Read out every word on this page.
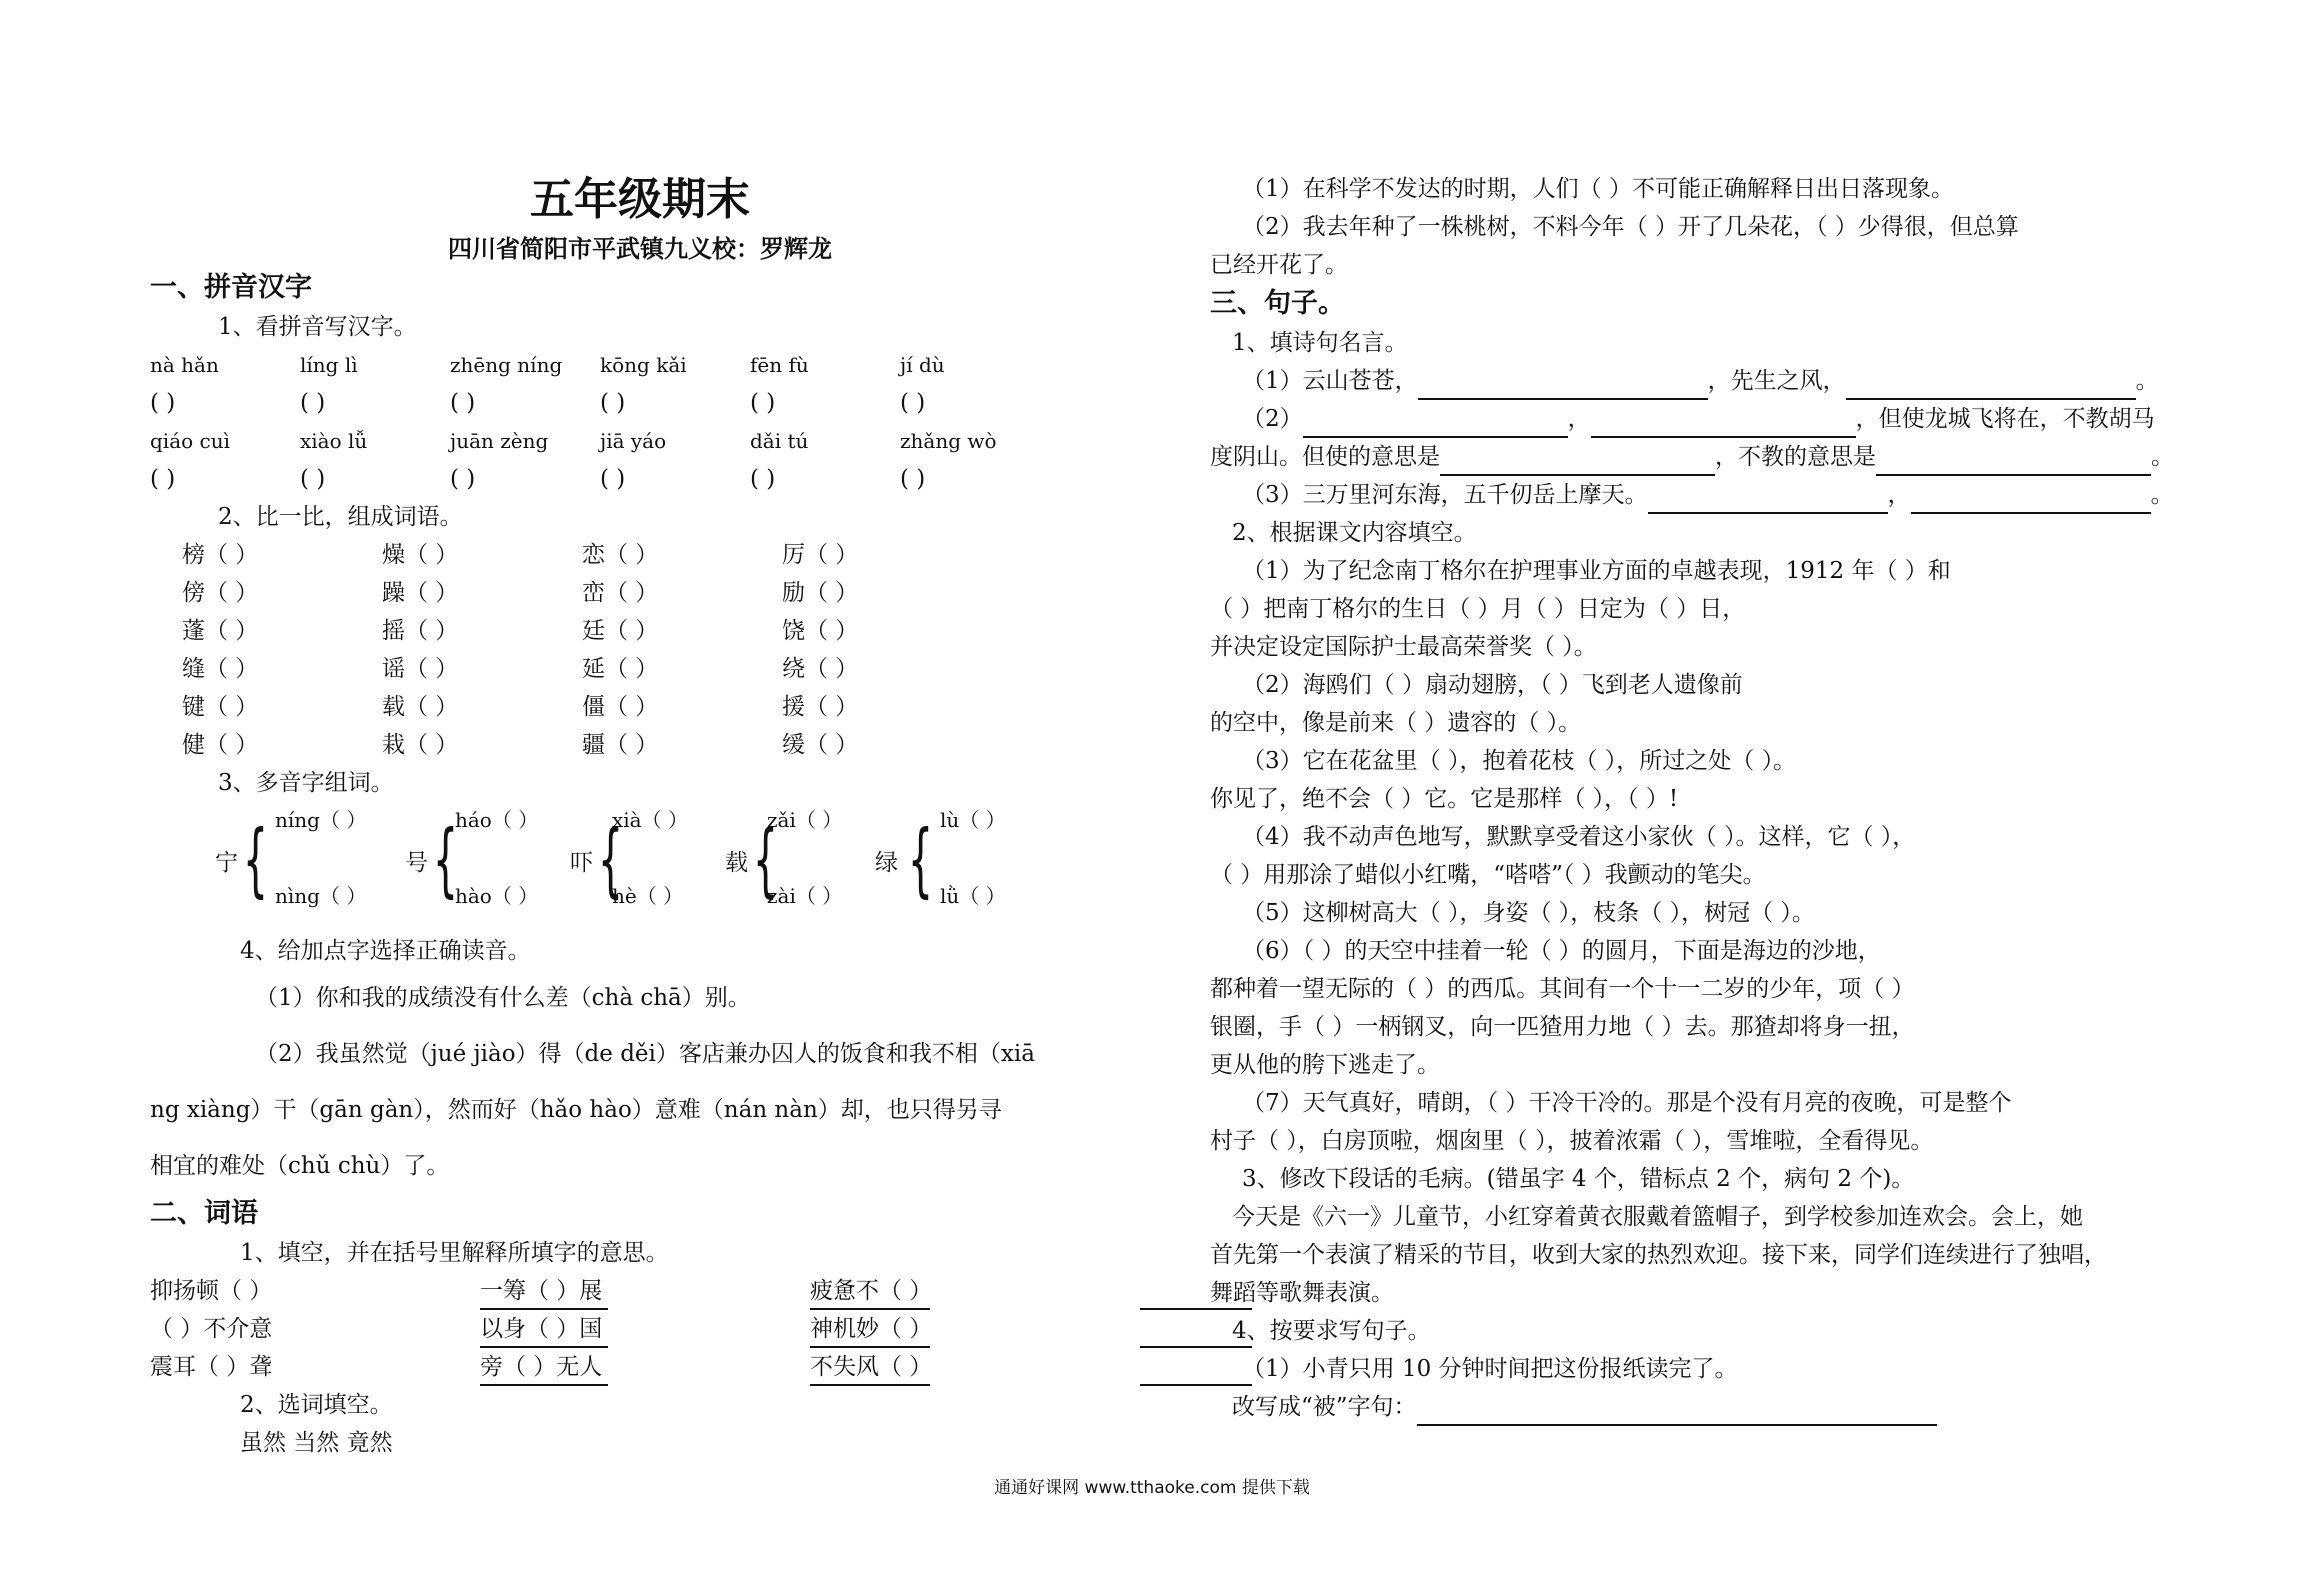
五年级期末
四川省简阳市平武镇九义校：罗辉龙
一、拼音汉字
1、看拼音写汉字。
nà hǎn	líng lì	zhēng níng	kōng kǎi	fēn fù	jí dù
( )	( )	( )	( )	( )	( )
qiáo cuì	xiào lǚ	juān zèng	jiā yáo	dǎi tú	zhǎng wò
( )	( )	( )	( )	( )	( )
2、比一比，组成词语。
榜（ ）	燥（ ）	恋（ ）	厉（ ）
傍（ ）	躁（ ）	峦（ ）	励（ ）
蓬（ ）	摇（ ）	廷（ ）	饶（ ）
缝（ ）	谣（ ）	延（ ）	绕（ ）
键（ ）	载（ ）	僵（ ）	援（ ）
健（ ）	栽（ ）	疆（ ）	缓（ ）
3、多音字组词。
宁 { níng（ ）
nìng（ ）
号 {
háo（ ）
hào（ ）
吓 {
xià（ ）
hè（ ）
载 {
zǎi（ ）
zài（ ）
绿 { lù（ ）
lǜ（ ）
4、给加点字选择正确读音。
（1）你和我的成绩没有什么差（chà chā）别。
（2）我虽然觉（jué jiào）得（de děi）客店兼办囚人的饭食和我不相（xiā
ng xiàng）干（gān gàn），然而好（hǎo hào）意难（nán nàn）却，也只得另寻
相宜的难处（chǔ chù）了。
二、词语
1、填空，并在括号里解释所填字的意思。
抑扬顿（ ）	一筹（ ）展	疲惫不（ ）
（ ）不介意	以身（ ）国	神机妙（ ）
震耳（ ）聋	旁（ ）无人	不失风（ ）
2、选词填空。
虽然 当然 竟然
（1）在科学不发达的时期，人们（ ）不可能正确解释日出日落现象。
（2）我去年种了一株桃树，不料今年（ ）开了几朵花，（ ）少得很，但总算
已经开花了。
三、句子。
1、填诗句名言。
（1）云山苍苍，	，先生之风，	。
（2）	，	，但使龙城飞将在，不教胡马
度阴山。但使的意思是	，不教的意思是	。
（3）三万里河东海，五千仞岳上摩天。	，	。
2、根据课文内容填空。
（1）为了纪念南丁格尔在护理事业方面的卓越表现，1912 年（ ）和
（ ）把南丁格尔的生日（ ）月（ ）日定为（ ）日，
并决定设定国际护士最高荣誉奖（ ）。
（2）海鸥们（ ）扇动翅膀，（ ）飞到老人遗像前
的空中，像是前来（ ）遗容的（ ）。
（3）它在花盆里（ ），抱着花枝（ ），所过之处（ ）。
你见了，绝不会（ ）它。它是那样（ ），（ ）!
（4）我不动声色地写，默默享受着这小家伙（ ）。这样，它（ ），
（ ）用那涂了蜡似小红嘴，“嗒嗒”（ ）我颤动的笔尖。
（5）这柳树高大（ ），身姿（ ），枝条（ ），树冠（ ）。
（6）（ ）的天空中挂着一轮（ ）的圆月，下面是海边的沙地，
都种着一望无际的（ ）的西瓜。其间有一个十一二岁的少年，项（ ）
银圈，手（ ）一柄钢叉，向一匹猹用力地（ ）去。那猹却将身一扭，
更从他的胯下逃走了。
（7）天气真好，晴朗，（ ）干冷干冷的。那是个没有月亮的夜晚，可是整个
村子（ ），白房顶啦，烟囱里（ ），披着浓霜（ ），雪堆啦，全看得见。
3、修改下段话的毛病。(错虽字 4 个，错标点 2 个，病句 2 个)。
今天是《六一》儿童节，小红穿着黄衣服戴着篮帽子，到学校参加连欢会。会上，她
首先第一个表演了精采的节目，收到大家的热烈欢迎。接下来，同学们连续进行了独唱，
舞蹈等歌舞表演。
4、按要求写句子。
（1）小青只用 10 分钟时间把这份报纸读完了。
改写成“被”字句：
通通好课网 www.tthaoke.com 提供下载
